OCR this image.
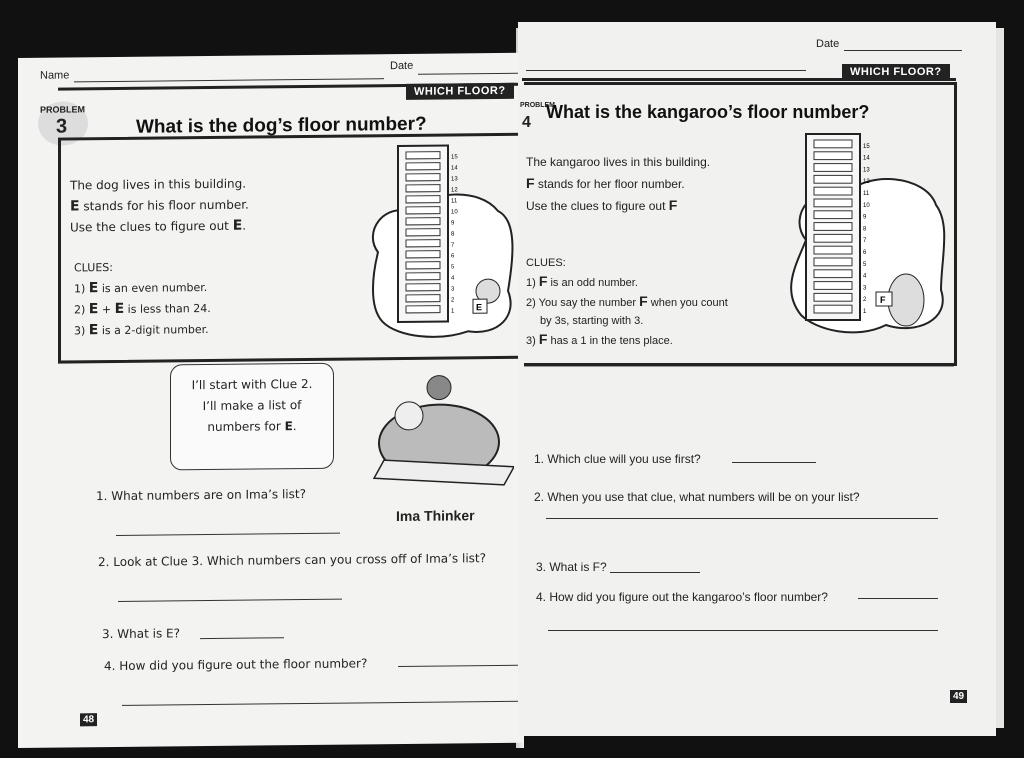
Name
Date
WHICH FLOOR?
PROBLEM
3	What is the dog’s floor number?
The dog lives in this building.
E stands for his floor number.
Use the clues to figure out E.
CLUES:
1) E is an even number.
2) E + E is less than 24.
3) E is a 2-digit number.
15
14
13
12
11
10
9
8
7
6
5
4
3
2
1 E
I’ll start with Clue 2.
I’ll make a list of
numbers for E.
Ima Thinker
1. What numbers are on Ima’s list?
2. Look at Clue 3. Which numbers can you cross off of Ima’s list?
3. What is E?
4. How did you figure out the floor number?
48
Date
WHICH FLOOR?
PROBLEM
4
What is the kangaroo’s floor number?
The kangaroo lives in this building.
F stands for her floor number.
Use the clues to figure out F
CLUES:
1) F is an odd number.
2) You say the number F when you count
by 3s, starting with 3.
3) F has a 1 in the tens place.
15
14
13
12
11
10
9
8
7
6
5
4
3
2
1
F
1. Which clue will you use first?
2. When you use that clue, what numbers will be on your list?
3. What is F?
4. How did you figure out the kangaroo’s floor number?
49
